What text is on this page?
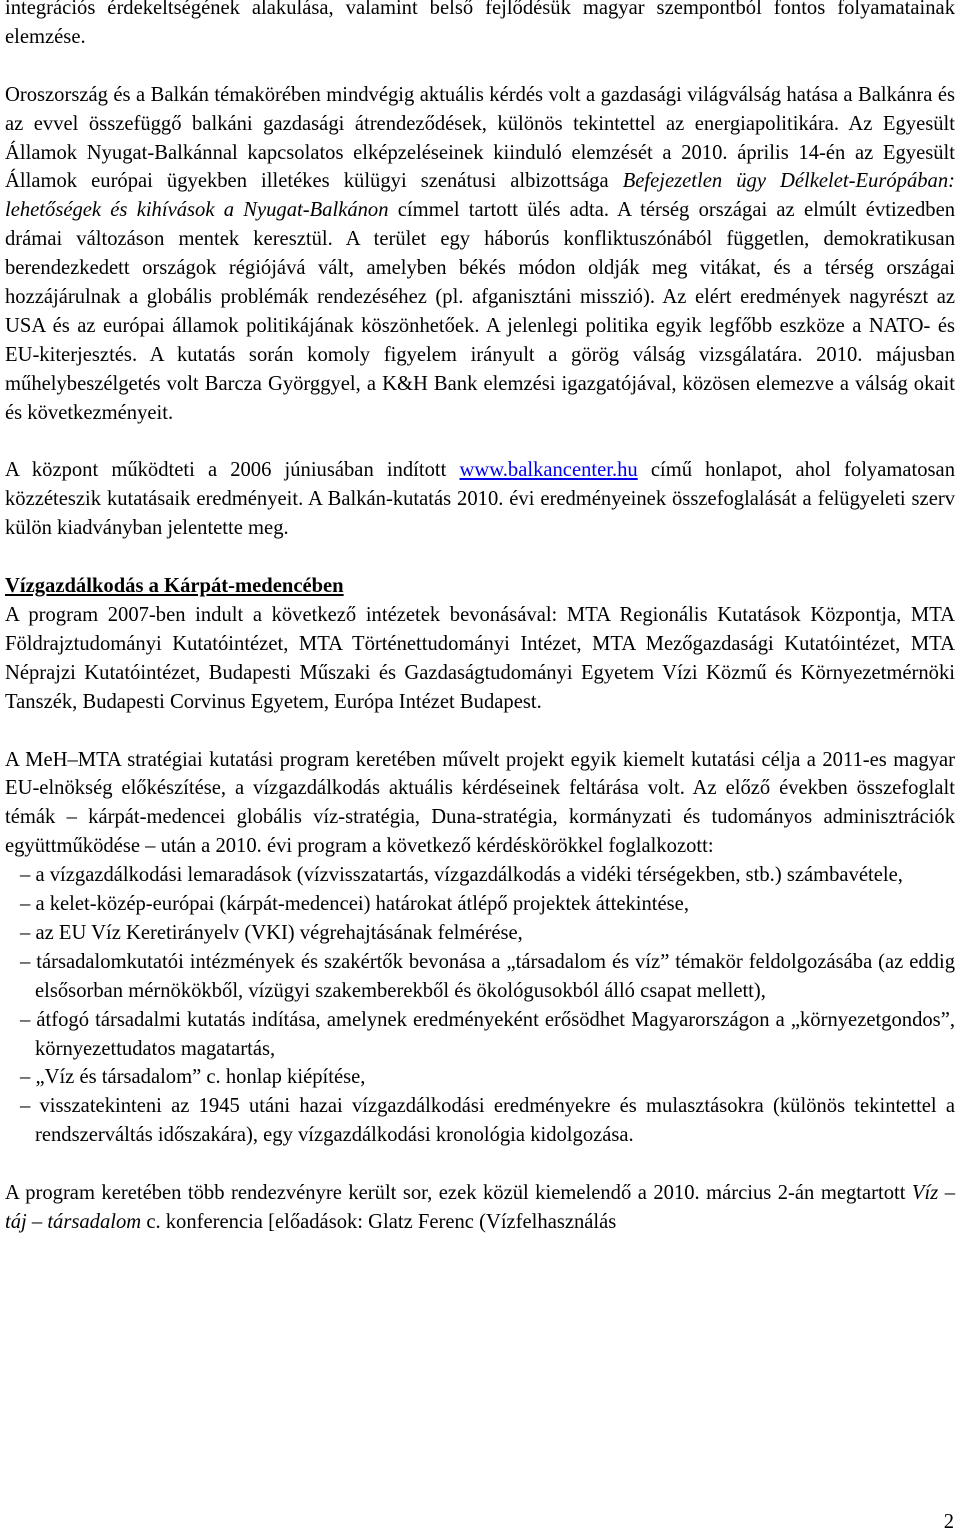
integrációs érdekeltségének alakulása, valamint belső fejlődésük magyar szempontból fontos folyamatainak elemzése.

Oroszország és a Balkán témakörében mindvégig aktuális kérdés volt a gazdasági világválság hatása a Balkánra és az evvel összefüggő balkáni gazdasági átrendeződések, különös tekintettel az energiapolitikára. Az Egyesült Államok Nyugat-Balkánnal kapcsolatos elképzeléseinek kiinduló elemzését a 2010. április 14-én az Egyesült Államok európai ügyekben illetékes külügyi szenátusi albizottsága Befejezetlen ügy Délkelet-Európában: lehetőségek és kihívások a Nyugat-Balkánon címmel tartott ülés adta. A térség országai az elmúlt évtizedben drámai változáson mentek keresztül. A terület egy háborús konfliktuszónából független, demokratikusan berendezkedett országok régiójává vált, amelyben békés módon oldják meg vitákat, és a térség országai hozzájárulnak a globális problémák rendezéséhez (pl. afganisztáni misszió). Az elért eredmények nagyrészt az USA és az európai államok politikájának köszönhetőek. A jelenlegi politika egyik legfőbb eszköze a NATO- és EU-kiterjesztés. A kutatás során komoly figyelem irányult a görög válság vizsgálatára. 2010. májusban műhelybeszélgetés volt Barcza Györggyel, a K&H Bank elemzési igazgatójával, közösen elemezve a válság okait és következményeit.

A központ működteti a 2006 júniusában indított www.balkancenter.hu című honlapot, ahol folyamatosan közzéteszik kutatásaik eredményeit. A Balkán-kutatás 2010. évi eredményeinek összefoglalását a felügyeleti szerv külön kiadványban jelentette meg.

Vízgazdálkodás a Kárpát-medencében

A program 2007-ben indult a következő intézetek bevonásával: MTA Regionális Kutatások Központja, MTA Földrajztudományi Kutatóintézet, MTA Történettudományi Intézet, MTA Mezőgazdasági Kutatóintézet, MTA Néprajzi Kutatóintézet, Budapesti Műszaki és Gazdaságtudományi Egyetem Vízi Közmű és Környezetmérnöki Tanszék, Budapesti Corvinus Egyetem, Európa Intézet Budapest.

A MeH–MTA stratégiai kutatási program keretében művelt projekt egyik kiemelt kutatási célja a 2011-es magyar EU-elnökség előkészítése, a vízgazdálkodás aktuális kérdéseinek feltárása volt. Az előző években összefoglalt témák – kárpát-medencei globális víz-stratégia, Duna-stratégia, kormányzati és tudományos adminisztrációk együttműködése – után a 2010. évi program a következő kérdéskörökkel foglalkozott:

– a vízgazdálkodási lemaradások (vízvisszatartás, vízgazdálkodás a vidéki térségekben, stb.) számbavétele,
– a kelet-közép-európai (kárpát-medencei) határokat átlépő projektek áttekintése,
– az EU Víz Keretirányelv (VKI) végrehajtásának felmérése,
– társadalomkutatói intézmények és szakértők bevonása a „társadalom és víz” témakör feldolgozásába (az eddig elsősorban mérnökökből, vízügyi szakemberekből és ökológusokból álló csapat mellett),
– átfogó társadalmi kutatás indítása, amelynek eredményeként erősödhet Magyarországon a „környezetgondos”, környezettudatos magatartás,
– „Víz és társadalom” c. honlap kiépítése,
– visszatekinteni az 1945 utáni hazai vízgazdálkodási eredményekre és mulasztásokra (különös tekintettel a rendszerváltás időszakára), egy vízgazdálkodási kronológia kidolgozása.

A program keretében több rendezvényre került sor, ezek közül kiemelendő a 2010. március 2-án megtartott Víz – táj – társadalom c. konferencia [előadások: Glatz Ferenc (Vízfelhasználás

2
